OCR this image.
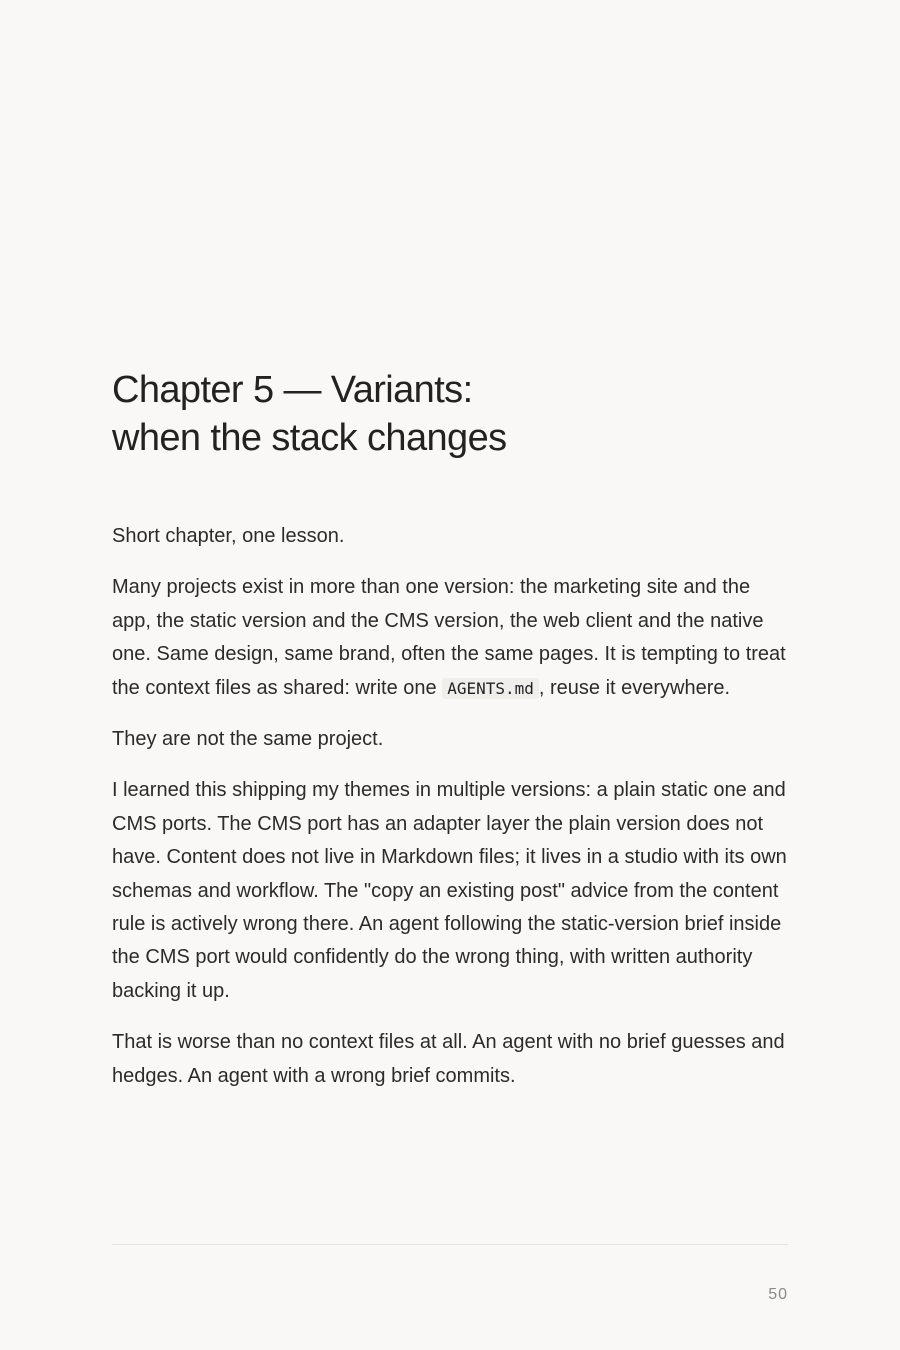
Chapter 5 — Variants:
when the stack changes

Short chapter, one lesson.

Many projects exist in more than one version: the marketing site and the app, the static version and the CMS version, the web client and the native one. Same design, same brand, often the same pages. It is tempting to treat the context files as shared: write one AGENTS.md , reuse it everywhere.

They are not the same project.

I learned this shipping my themes in multiple versions: a plain static one and CMS ports. The CMS port has an adapter layer the plain version does not have. Content does not live in Markdown files; it lives in a studio with its own schemas and workflow. The "copy an existing post" advice from the content rule is actively wrong there. An agent following the static-version brief inside the CMS port would confidently do the wrong thing, with written authority backing it up.

That is worse than no context files at all. An agent with no brief guesses and hedges. An agent with a wrong brief commits.

50
